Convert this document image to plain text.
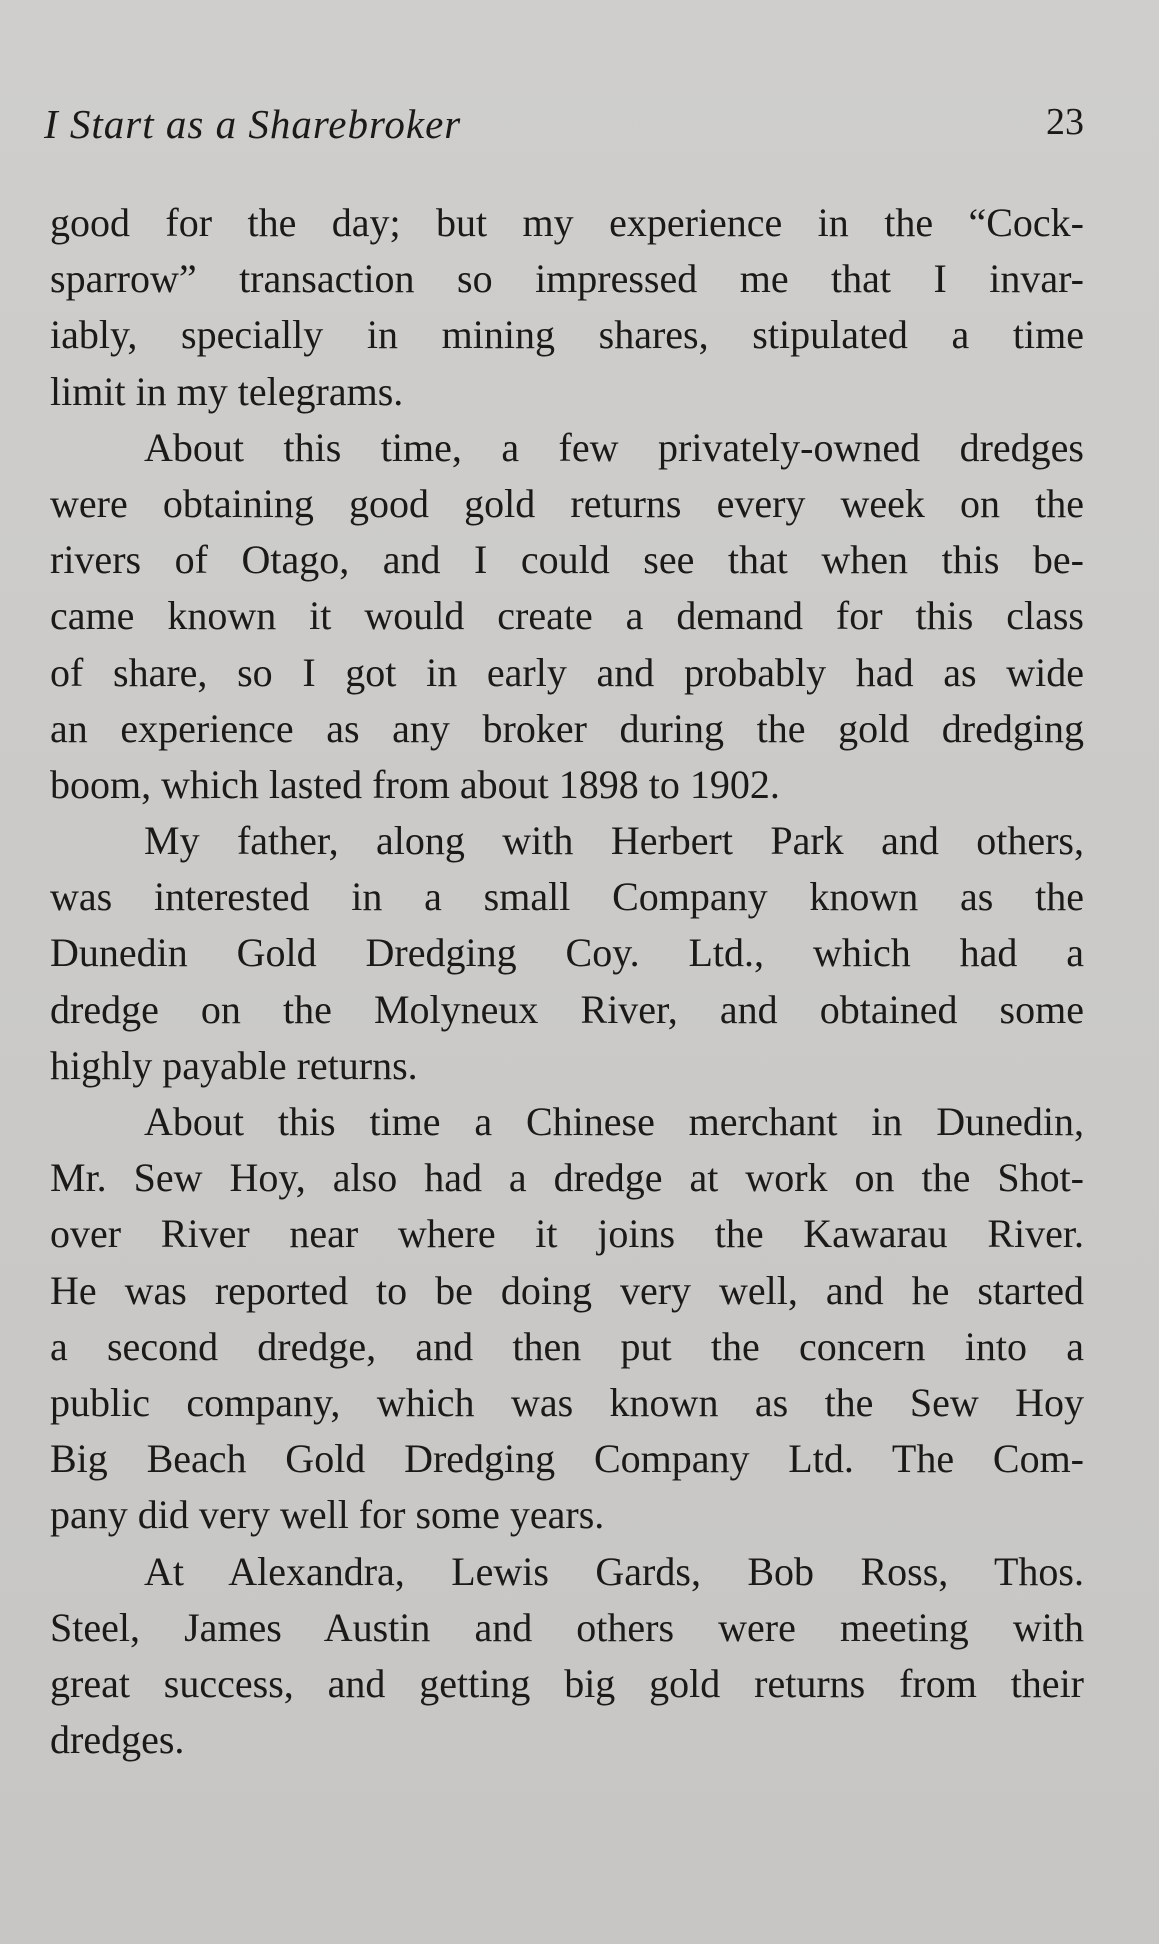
I Start as a Sharebroker	23
good for the day; but my experience in the “Cock-
sparrow” transaction so impressed me that I invar-
iably, specially in mining shares, stipulated a time
limit in my telegrams.
About this time, a few privately-owned dredges
were obtaining good gold returns every week on the
rivers of Otago, and I could see that when this be-
came known it would create a demand for this class
of share, so I got in early and probably had as wide
an experience as any broker during the gold dredging
boom, which lasted from about 1898 to 1902.
My father, along with Herbert Park and others,
was interested in a small Company known as the
Dunedin Gold Dredging Coy. Ltd., which had a
dredge on the Molyneux River, and obtained some
highly payable returns.
About this time a Chinese merchant in Dunedin,
Mr. Sew Hoy, also had a dredge at work on the Shot-
over River near where it joins the Kawarau River.
He was reported to be doing very well, and he started
a second dredge, and then put the concern into a
public company, which was known as the Sew Hoy
Big Beach Gold Dredging Company Ltd. The Com-
pany did very well for some years.
At Alexandra, Lewis Gards, Bob Ross, Thos.
Steel, James Austin and others were meeting with
great success, and getting big gold returns from their
dredges.
